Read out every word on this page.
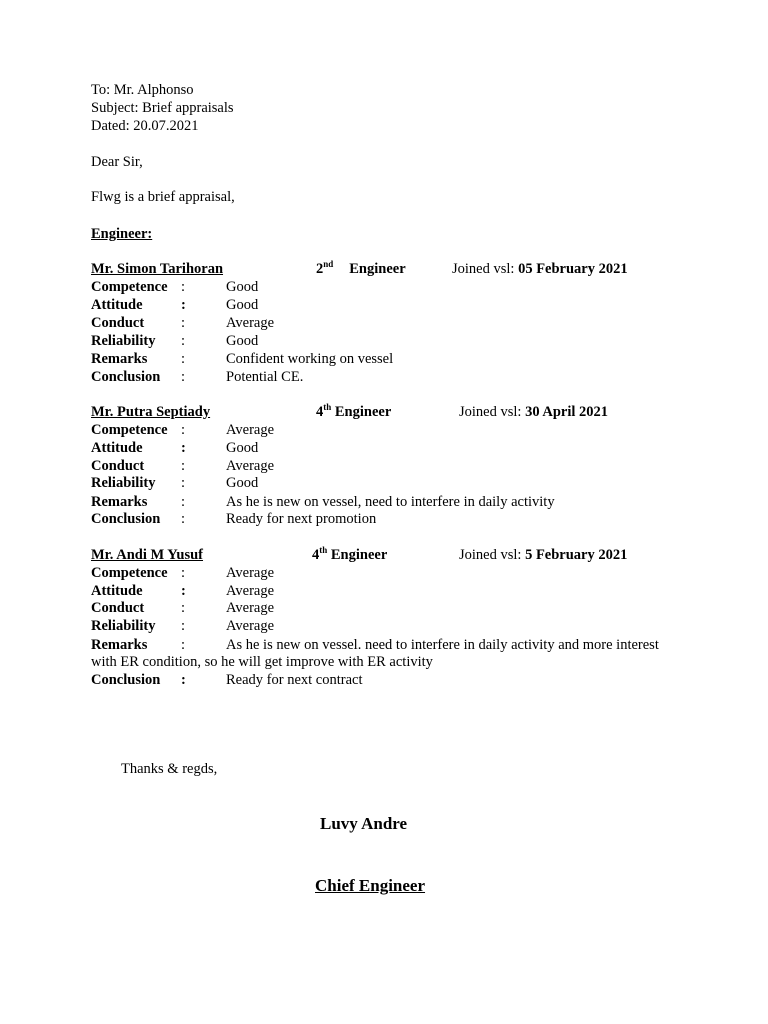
To: Mr. Alphonso
Subject: Brief appraisals
Dated: 20.07.2021
Dear Sir,
Flwg is a brief appraisal,
Engineer:
Mr. Simon Tarihoran	2nd Engineer	Joined vsl: 05 February 2021
Competence :	Good
Attitude	:	Good
Conduct	:	Average
Reliability :	Good
Remarks :	Confident working on vessel
Conclusion :	Potential CE.
Mr. Putra Septiady	4th Engineer	Joined vsl: 30 April 2021
Competence :	Average
Attitude	:	Good
Conduct	:	Average
Reliability :	Good
Remarks :	As he is new on vessel, need to interfere in daily activity
Conclusion :	Ready for next promotion
Mr. Andi M Yusuf	4th Engineer	Joined vsl: 5 February 2021
Competence :	Average
Attitude	:	Average
Conduct	:	Average
Reliability :	Average
Remarks :	As he is new on vessel. need to interfere in daily activity and more interest
with ER condition, so he will get improve with ER activity
Conclusion :	Ready for next contract
Thanks & regds,
Luvy Andre
Chief Engineer
